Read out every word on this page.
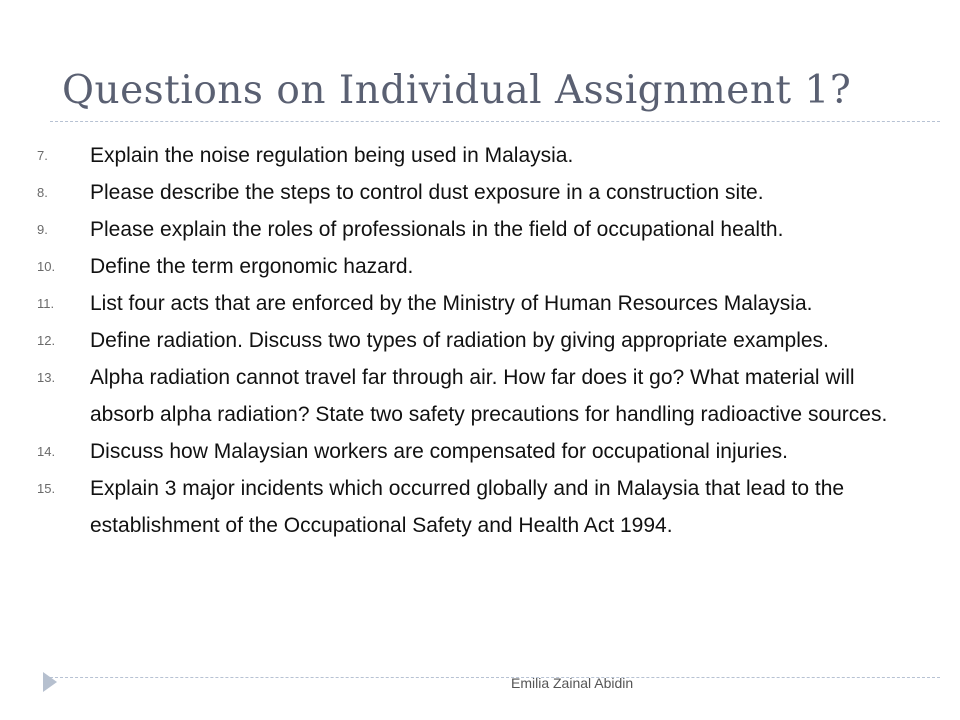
Questions on Individual Assignment 1?
7. Explain the noise regulation being used in Malaysia.
8. Please describe the steps to control dust exposure in a construction site.
9. Please explain the roles of professionals in the field of occupational health.
10. Define the term ergonomic hazard.
11. List four acts that are enforced by the Ministry of Human Resources Malaysia.
12. Define radiation. Discuss two types of radiation by giving appropriate examples.
13. Alpha radiation cannot travel far through air. How far does it go? What material will absorb alpha radiation? State two safety precautions for handling radioactive sources.
14. Discuss how Malaysian workers are compensated for occupational injuries.
15. Explain 3 major incidents which occurred globally and in Malaysia that lead to the establishment of the Occupational Safety and Health Act 1994.
Emilia Zainal Abidin
